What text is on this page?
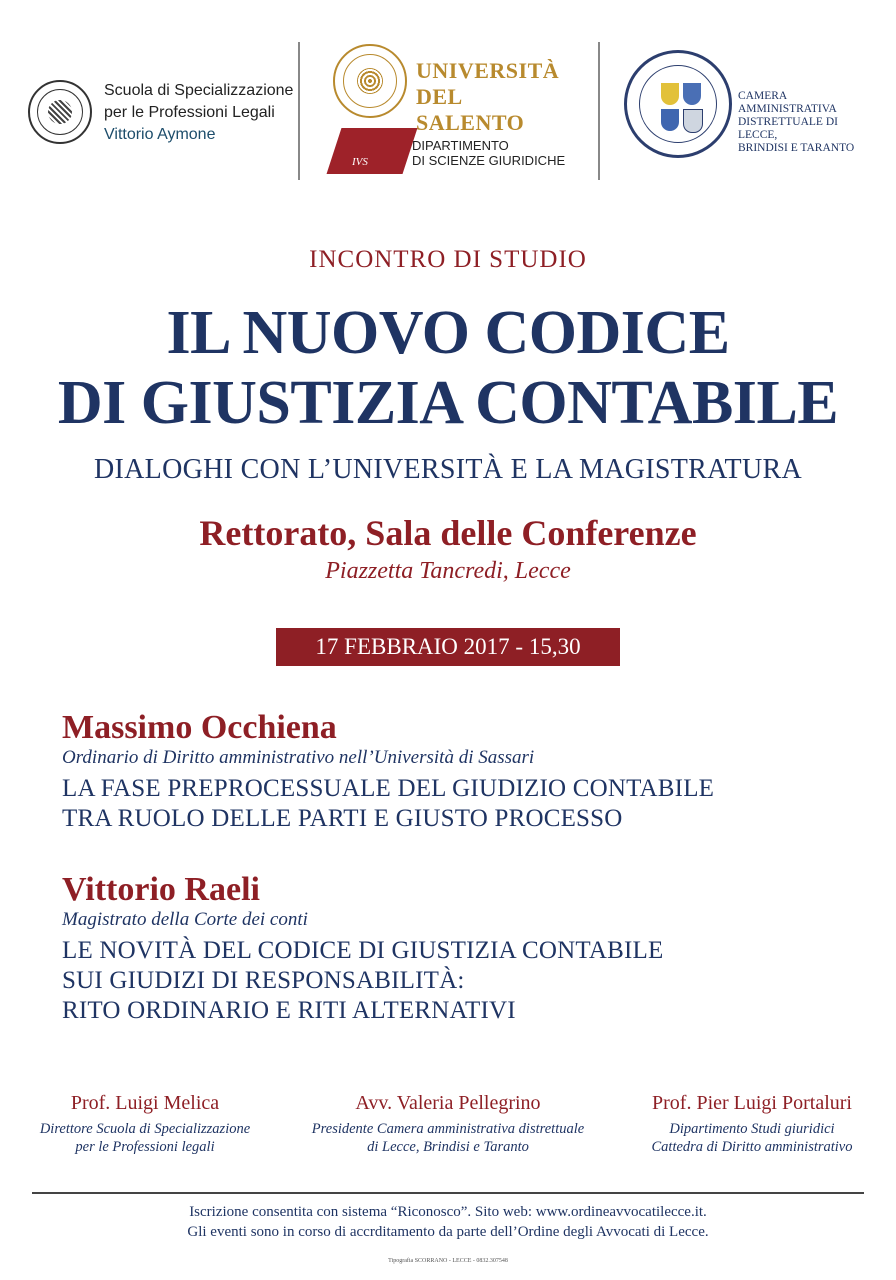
Scuola di Specializzazione
per le Professioni Legali
Vittorio Aymone
UNIVERSITÀ
DEL SALENTO
IVS
DIPARTIMENTO
DI SCIENZE GIURIDICHE
CAMERA AMMINISTRATIVA
DISTRETTUALE DI LECCE,
BRINDISI E TARANTO
INCONTRO DI STUDIO
IL NUOVO CODICE
DI GIUSTIZIA CONTABILE
DIALOGHI CON L’UNIVERSITÀ E LA MAGISTRATURA
Rettorato, Sala delle Conferenze
Piazzetta Tancredi, Lecce
17 FEBBRAIO 2017 - 15,30
Massimo Occhiena
Ordinario di Diritto amministrativo nell’Università di Sassari
LA FASE PREPROCESSUALE DEL GIUDIZIO CONTABILE
TRA RUOLO DELLE PARTI E GIUSTO PROCESSO
Vittorio Raeli
Magistrato della Corte dei conti
LE NOVITÀ DEL CODICE DI GIUSTIZIA CONTABILE
SUI GIUDIZI DI RESPONSABILITÀ:
RITO ORDINARIO E RITI ALTERNATIVI
Prof. Luigi Melica
Direttore Scuola di Specializzazione
per le Professioni legali
Avv. Valeria Pellegrino
Presidente Camera amministrativa distrettuale
di Lecce, Brindisi e Taranto
Prof. Pier Luigi Portaluri
Dipartimento Studi giuridici
Cattedra di Diritto amministrativo
Iscrizione consentita con sistema “Riconosco”. Sito web: www.ordineavvocatilecce.it.
Gli eventi sono in corso di accrditamento da parte dell’Ordine degli Avvocati di Lecce.
Tipografia SCORRANO - LECCE - 0832.307548
